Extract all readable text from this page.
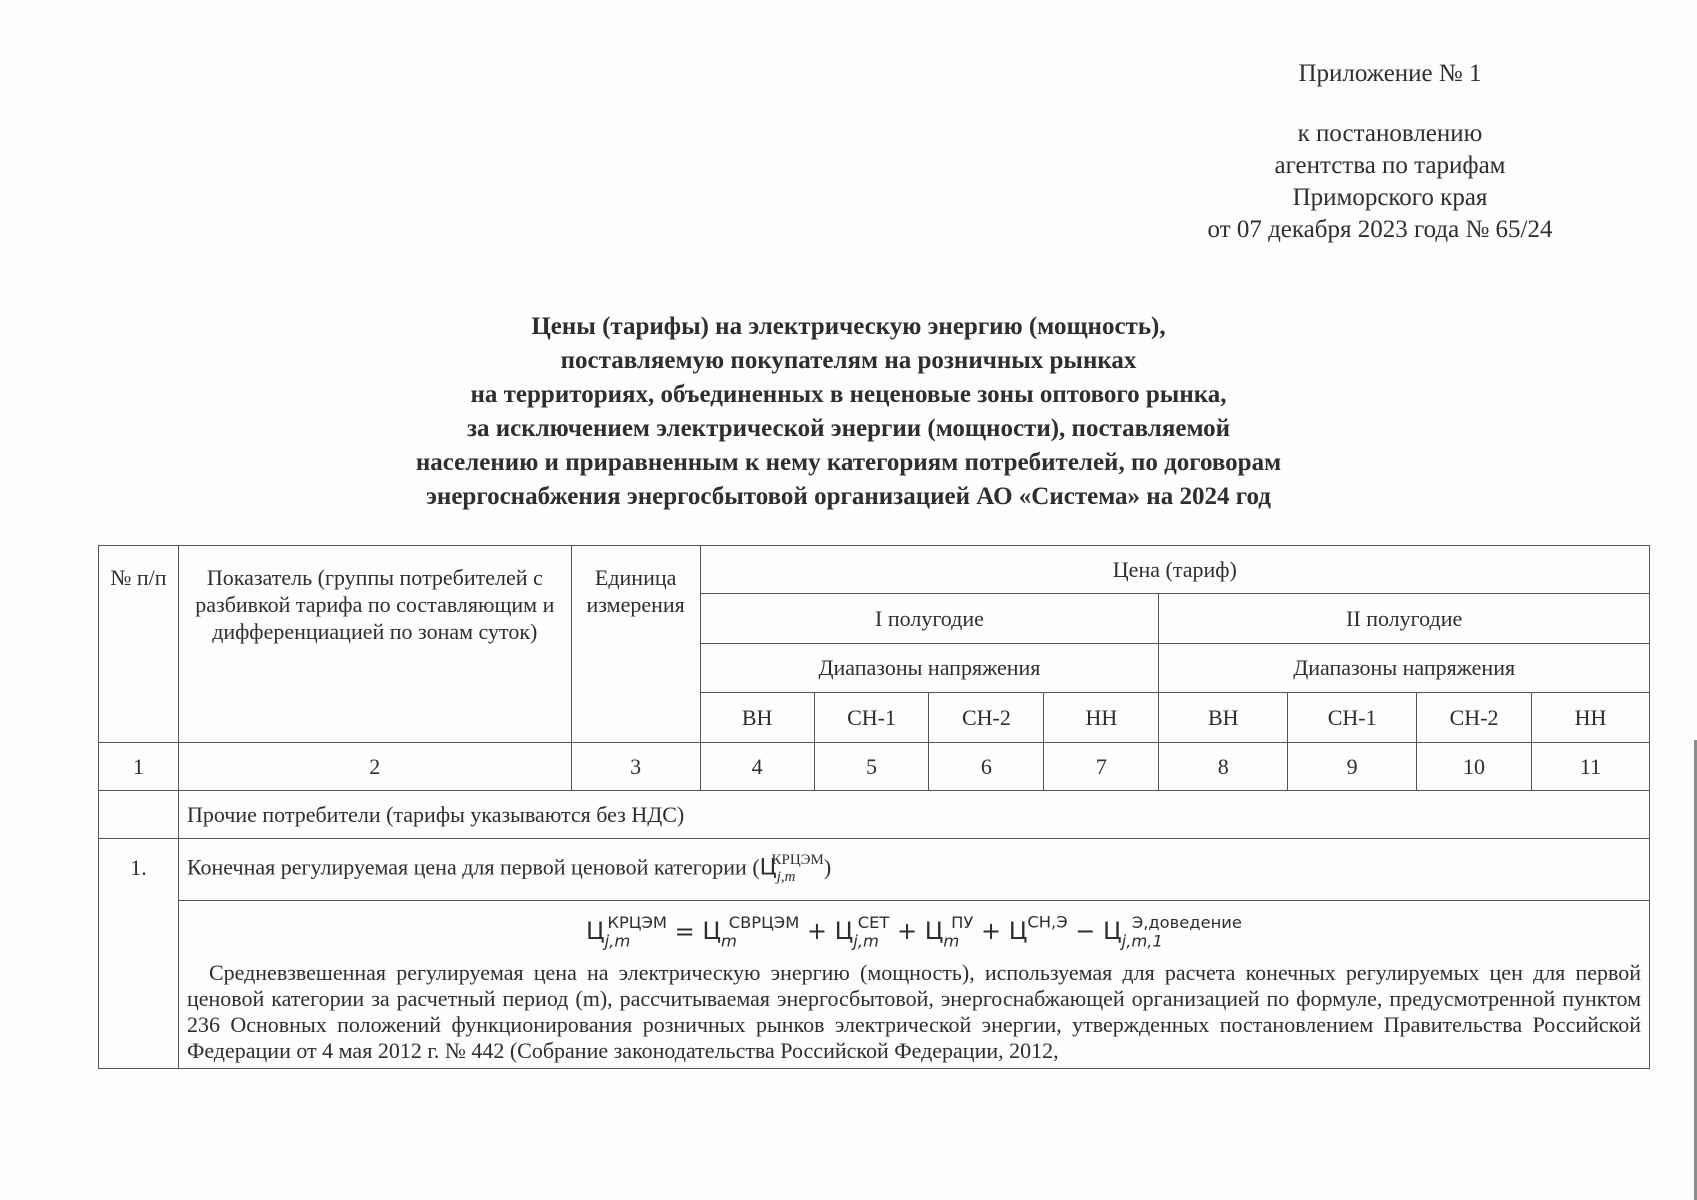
Приложение № 1
к постановлению
агентства по тарифам
Приморского края
от 07 декабря 2023 года № 65/24
Цены (тарифы) на электрическую энергию (мощность),
поставляемую покупателям на розничных рынках
на территориях, объединенных в неценовые зоны оптового рынка,
за исключением электрической энергии (мощности), поставляемой
населению и приравненным к нему категориям потребителей, по договорам
энергоснабжения энергосбытовой организацией АО «Система» на 2024 год
№ п/п	Показатель (группы потребителей с разбивкой тарифа по составляющим и дифференциацией по зонам суток)	Единица измерения	Цена (тариф)							
			I полугодие				II полугодие			
			Диапазоны напряжения				Диапазоны напряжения			
			ВН	СН-1	СН-2	НН	ВН	СН-1	СН-2	НН
1	2	3	4	5	6	7	8	9	10	11
	Прочие потребители (тарифы указываются без НДС)									
1.	Конечная регулируемая цена для первой ценовой категории $(Ц_{j,m}^{КРЦЭМ})$									

	$Ц_{j,m}^{КРЦЭМ} = Ц_m^{СВРЦЭМ} + Ц_{j,m}^{СЕТ} + Ц_m^{ПУ} + Ц^{СН,Э} - Ц_{j,m,1}^{Э,доведение}$
Средневзвешенная регулируемая цена на электрическую энергию (мощность), используемая для расчета конечных регулируемых цен для первой ценовой категории за расчетный период (m), рассчитываемая энергосбытовой, энергоснабжающей организацией по формуле, предусмотренной пунктом 236 Основных положений функционирования розничных рынков электрической энергии, утвержденных постановлением Правительства Российской Федерации от 4 мая 2012 г. № 442 (Собрание законодательства Российской Федерации, 2012,									
